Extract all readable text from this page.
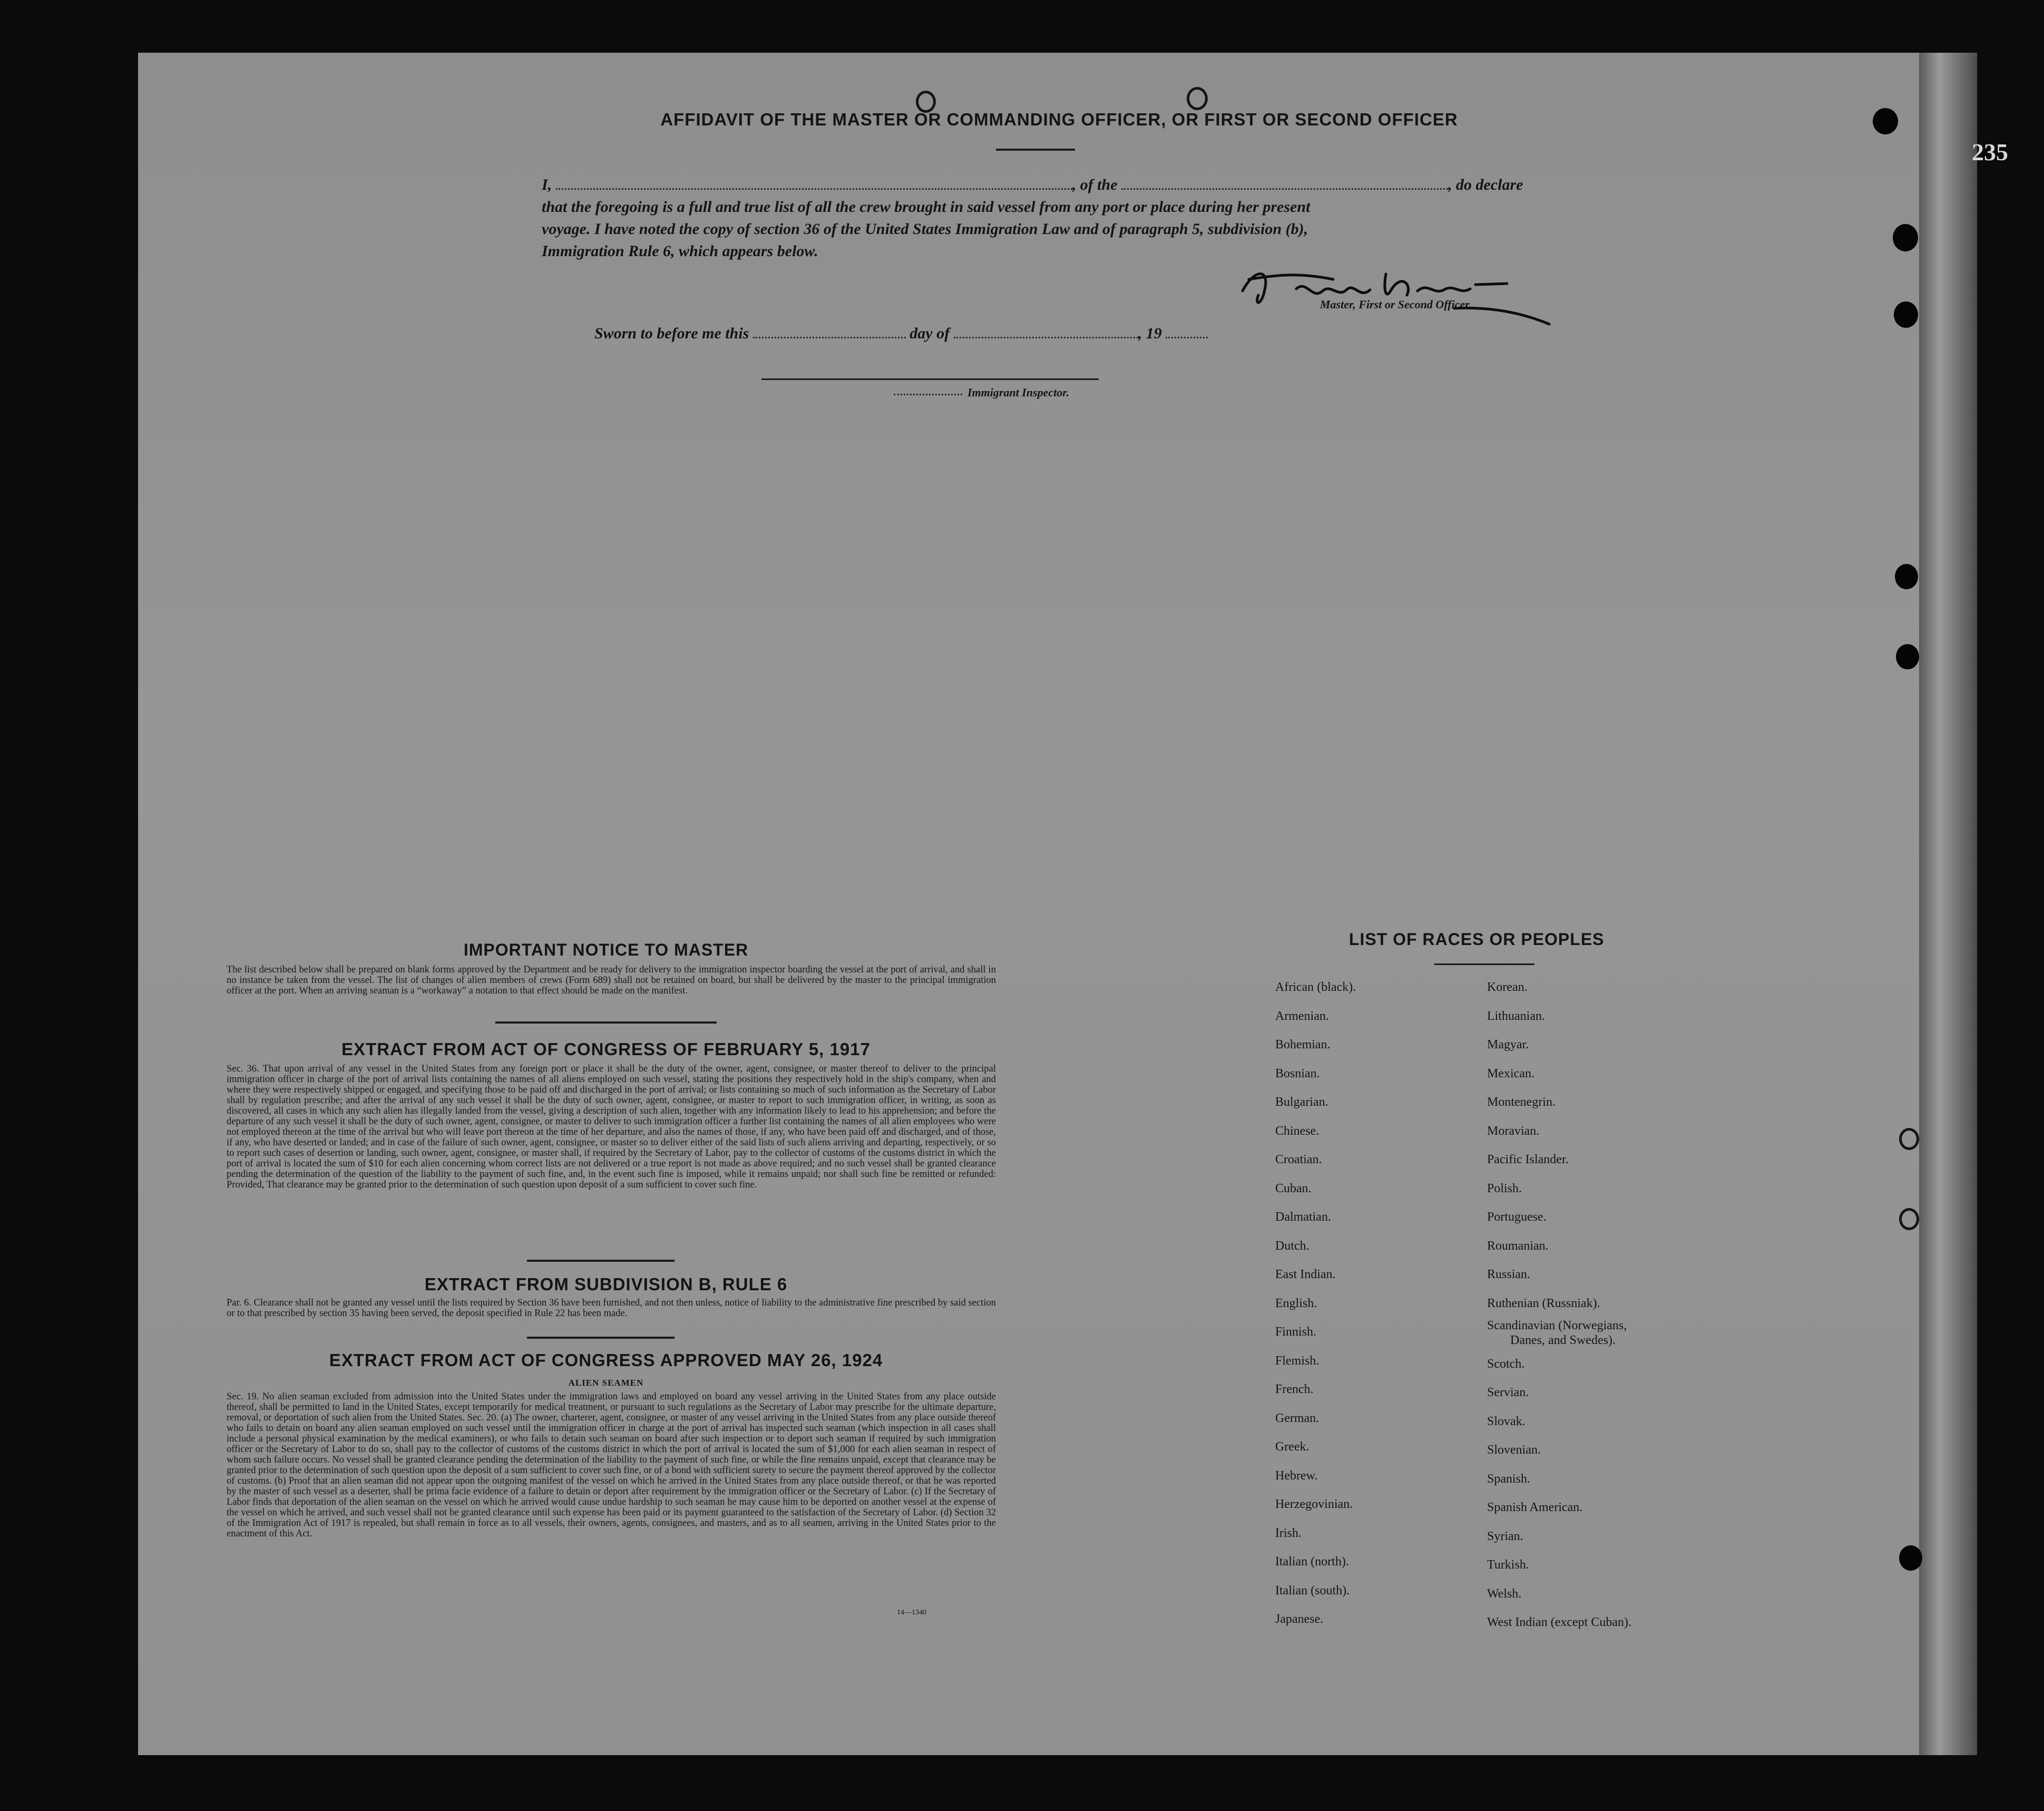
235
AFFIDAVIT OF THE MASTER OR COMMANDING OFFICER, OR FIRST OR SECOND OFFICER
I,	, of the	, do declare
that the foregoing is a full and true list of all the crew brought in said vessel from any port or place during her present
voyage. I have noted the copy of section 36 of the United States Immigration Law and of paragraph 5, subdivision (b),
Immigration Rule 6, which appears below.
Master, First or Second Officer.
Sworn to before me this	day of	, 19
Immigrant Inspector.
IMPORTANT NOTICE TO MASTER
The list described below shall be prepared on blank forms approved by the Department and be ready for delivery to the immigration inspector boarding the vessel at the port of arrival, and shall in no instance be taken from the vessel. The list of changes of alien members of crews (Form 689) shall not be retained on board, but shall be delivered by the master to the principal immigration officer at the port. When an arriving seaman is a “workaway” a notation to that effect should be made on the manifest.
EXTRACT FROM ACT OF CONGRESS OF FEBRUARY 5, 1917
Sec. 36. That upon arrival of any vessel in the United States from any foreign port or place it shall be the duty of the owner, agent, consignee, or master thereof to deliver to the principal immigration officer in charge of the port of arrival lists containing the names of all aliens employed on such vessel, stating the positions they respectively hold in the ship's company, when and where they were respectively shipped or engaged, and specifying those to be paid off and discharged in the port of arrival; or lists containing so much of such information as the Secretary of Labor shall by regulation prescribe; and after the arrival of any such vessel it shall be the duty of such owner, agent, consignee, or master to report to such immigration officer, in writing, as soon as discovered, all cases in which any such alien has illegally landed from the vessel, giving a description of such alien, together with any information likely to lead to his apprehension; and before the departure of any such vessel it shall be the duty of such owner, agent, consignee, or master to deliver to such immigration officer a further list containing the names of all alien employees who were not employed thereon at the time of the arrival but who will leave port thereon at the time of her departure, and also the names of those, if any, who have been paid off and discharged, and of those, if any, who have deserted or landed; and in case of the failure of such owner, agent, consignee, or master so to deliver either of the said lists of such aliens arriving and departing, respectively, or so to report such cases of desertion or landing, such owner, agent, consignee, or master shall, if required by the Secretary of Labor, pay to the collector of customs of the customs district in which the port of arrival is located the sum of $10 for each alien concerning whom correct lists are not delivered or a true report is not made as above required; and no such vessel shall be granted clearance pending the determination of the question of the liability to the payment of such fine, and, in the event such fine is imposed, while it remains unpaid; nor shall such fine be remitted or refunded: Provided, That clearance may be granted prior to the determination of such question upon deposit of a sum sufficient to cover such fine.
EXTRACT FROM SUBDIVISION B, RULE 6
Par. 6. Clearance shall not be granted any vessel until the lists required by Section 36 have been furnished, and not then unless, notice of liability to the administrative fine prescribed by said section or to that prescribed by section 35 having been served, the deposit specified in Rule 22 has been made.
EXTRACT FROM ACT OF CONGRESS APPROVED MAY 26, 1924
ALIEN SEAMEN
Sec. 19. No alien seaman excluded from admission into the United States under the immigration laws and employed on board any vessel arriving in the United States from any place outside thereof, shall be permitted to land in the United States, except temporarily for medical treatment, or pursuant to such regulations as the Secretary of Labor may prescribe for the ultimate departure, removal, or deportation of such alien from the United States. Sec. 20. (a) The owner, charterer, agent, consignee, or master of any vessel arriving in the United States from any place outside thereof who fails to detain on board any alien seaman employed on such vessel until the immigration officer in charge at the port of arrival has inspected such seaman (which inspection in all cases shall include a personal physical examination by the medical examiners), or who fails to detain such seaman on board after such inspection or to deport such seaman if required by such immigration officer or the Secretary of Labor to do so, shall pay to the collector of customs of the customs district in which the port of arrival is located the sum of $1,000 for each alien seaman in respect of whom such failure occurs. No vessel shall be granted clearance pending the determination of the liability to the payment of such fine, or while the fine remains unpaid, except that clearance may be granted prior to the determination of such question upon the deposit of a sum sufficient to cover such fine, or of a bond with sufficient surety to secure the payment thereof approved by the collector of customs. (b) Proof that an alien seaman did not appear upon the outgoing manifest of the vessel on which he arrived in the United States from any place outside thereof, or that he was reported by the master of such vessel as a deserter, shall be prima facie evidence of a failure to detain or deport after requirement by the immigration officer or the Secretary of Labor. (c) If the Secretary of Labor finds that deportation of the alien seaman on the vessel on which he arrived would cause undue hardship to such seaman he may cause him to be deported on another vessel at the expense of the vessel on which he arrived, and such vessel shall not be granted clearance until such expense has been paid or its payment guaranteed to the satisfaction of the Secretary of Labor. (d) Section 32 of the Immigration Act of 1917 is repealed, but shall remain in force as to all vessels, their owners, agents, consignees, and masters, and as to all seamen, arriving in the United States prior to the enactment of this Act.
14—1340
LIST OF RACES OR PEOPLES
African (black).
Armenian.
Bohemian.
Bosnian.
Bulgarian.
Chinese.
Croatian.
Cuban.
Dalmatian.
Dutch.
East Indian.
English.
Finnish.
Flemish.
French.
German.
Greek.
Hebrew.
Herzegovinian.
Irish.
Italian (north).
Italian (south).
Japanese.
Korean.
Lithuanian.
Magyar.
Mexican.
Montenegrin.
Moravian.
Pacific Islander.
Polish.
Portuguese.
Roumanian.
Russian.
Ruthenian (Russniak).
Scandinavian (Norwegians,
Scotch.
Servian.
Slovak.
Slovenian.
Spanish.
Spanish American.
Syrian.
Turkish.
Welsh.
West Indian (except Cuban).
Danes, and Swedes).
